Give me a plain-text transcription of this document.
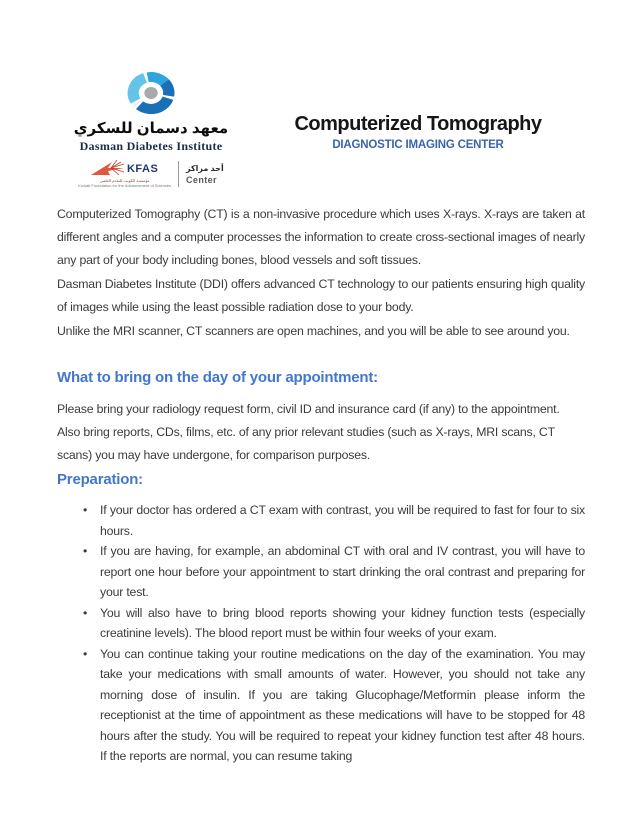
معهد دسمان للسكري
Dasman Diabetes Institute
KFAS
مؤسسة الكويت للتقدم العلمي
Kuwait Foundation for the Advancement of Sciences
أحد مراكز
Center
Computerized Tomography
DIAGNOSTIC IMAGING CENTER

Computerized Tomography (CT) is a non-invasive procedure which uses X-rays. X-rays are taken at different angles and a computer processes the information to create cross-sectional images of nearly any part of your body including bones, blood vessels and soft tissues.

Dasman Diabetes Institute (DDI) offers advanced CT technology to our patients ensuring high quality of images while using the least possible radiation dose to your body.

Unlike the MRI scanner, CT scanners are open machines, and you will be able to see around you.

What to bring on the day of your appointment:

Please bring your radiology request form, civil ID and insurance card (if any) to the appointment. Also bring reports, CDs, films, etc. of any prior relevant studies (such as X-rays, MRI scans, CT scans) you may have undergone, for comparison purposes.

Preparation:
• If your doctor has ordered a CT exam with contrast, you will be required to fast for four to six hours.
• If you are having, for example, an abdominal CT with oral and IV contrast, you will have to report one hour before your appointment to start drinking the oral contrast and preparing for your test.
• You will also have to bring blood reports showing your kidney function tests (especially creatinine levels). The blood report must be within four weeks of your exam.
• You can continue taking your routine medications on the day of the examination. You may take your medications with small amounts of water. However, you should not take any morning dose of insulin. If you are taking Glucophage/Metformin please inform the receptionist at the time of appointment as these medications will have to be stopped for 48 hours after the study. You will be required to repeat your kidney function test after 48 hours. If the reports are normal, you can resume taking
